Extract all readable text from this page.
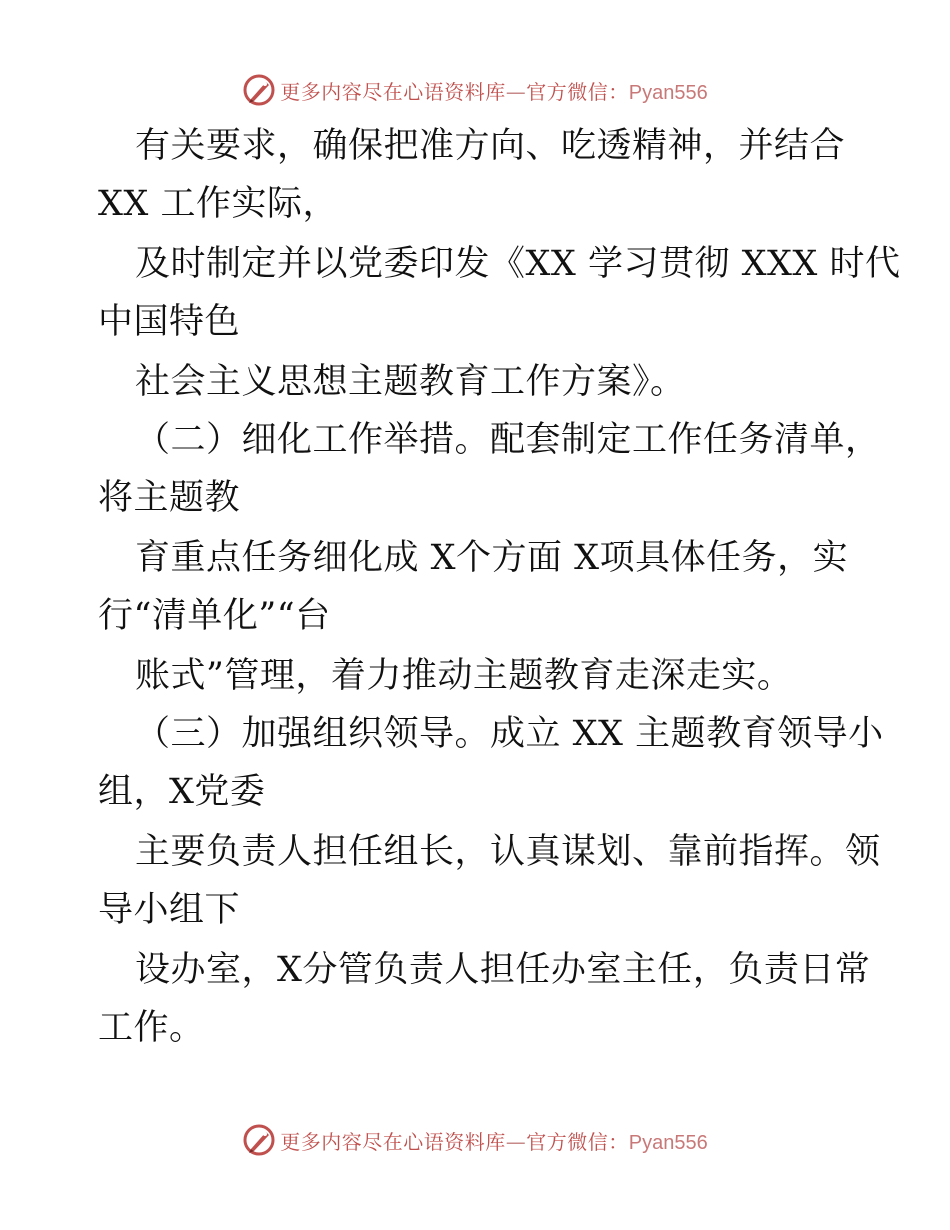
更多内容尽在心语资料库—官方微信：Pyan556
有关要求，确保把准方向、吃透精神，并结合
XX 工作实际，
及时制定并以党委印发《XX 学习贯彻 XXX 时代
中国特色
社会主义思想主题教育工作方案》。
（二）细化工作举措。配套制定工作任务清单，
将主题教
育重点任务细化成 X个方面 X项具体任务，实
行“清单化”“台
账式”管理，着力推动主题教育走深走实。
（三）加强组织领导。成立 XX 主题教育领导小
组，X党委
主要负责人担任组长，认真谋划、靠前指挥。领
导小组下
设办室，X分管负责人担任办室主任，负责日常
工作。
更多内容尽在心语资料库—官方微信：Pyan556
